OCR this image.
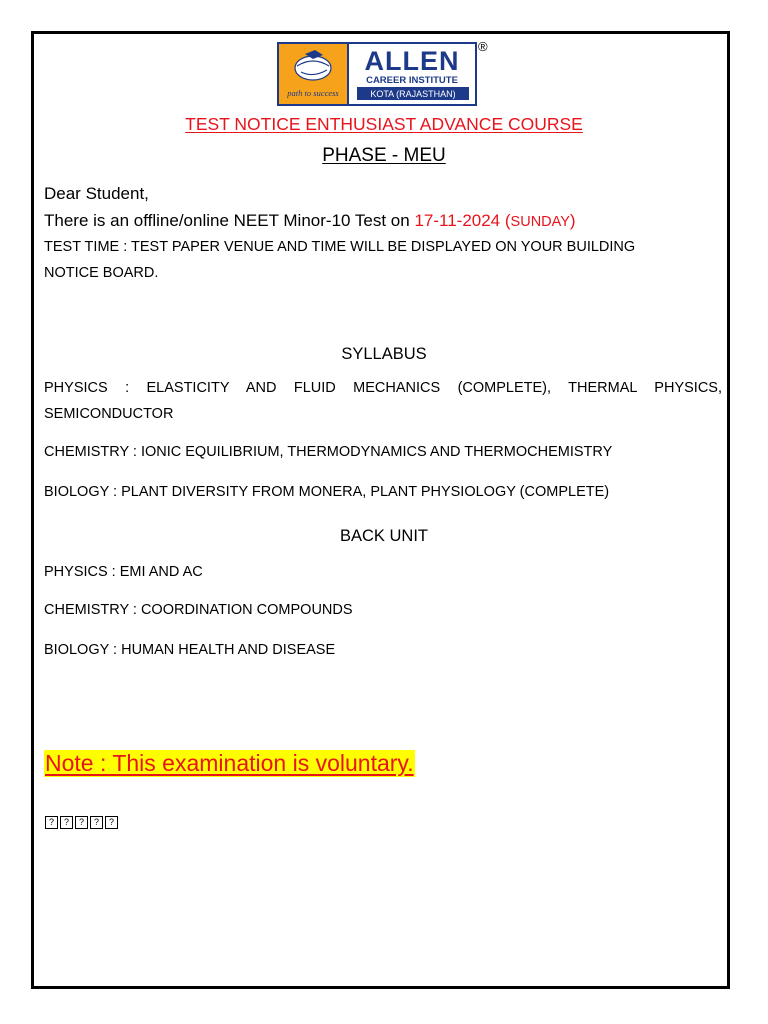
path to success
ALLEN
CAREER INSTITUTE
KOTA (RAJASTHAN)
®
TEST NOTICE ENTHUSIAST ADVANCE COURSE
PHASE - MEU
Dear Student,
There is an offline/online NEET Minor-10 Test on 17-11-2024 (SUNDAY)
TEST TIME : TEST PAPER VENUE AND TIME WILL BE DISPLAYED ON YOUR BUILDING
NOTICE BOARD.
SYLLABUS
PHYSICS : ELASTICITY AND FLUID MECHANICS (COMPLETE), THERMAL PHYSICS,
SEMICONDUCTOR
CHEMISTRY : IONIC EQUILIBRIUM, THERMODYNAMICS AND THERMOCHEMISTRY
BIOLOGY : PLANT DIVERSITY FROM MONERA, PLANT PHYSIOLOGY (COMPLETE)
BACK UNIT
PHYSICS : EMI AND AC
CHEMISTRY : COORDINATION COMPOUNDS
BIOLOGY : HUMAN HEALTH AND DISEASE
Note : This examination is voluntary.
?	?	?	?	?
